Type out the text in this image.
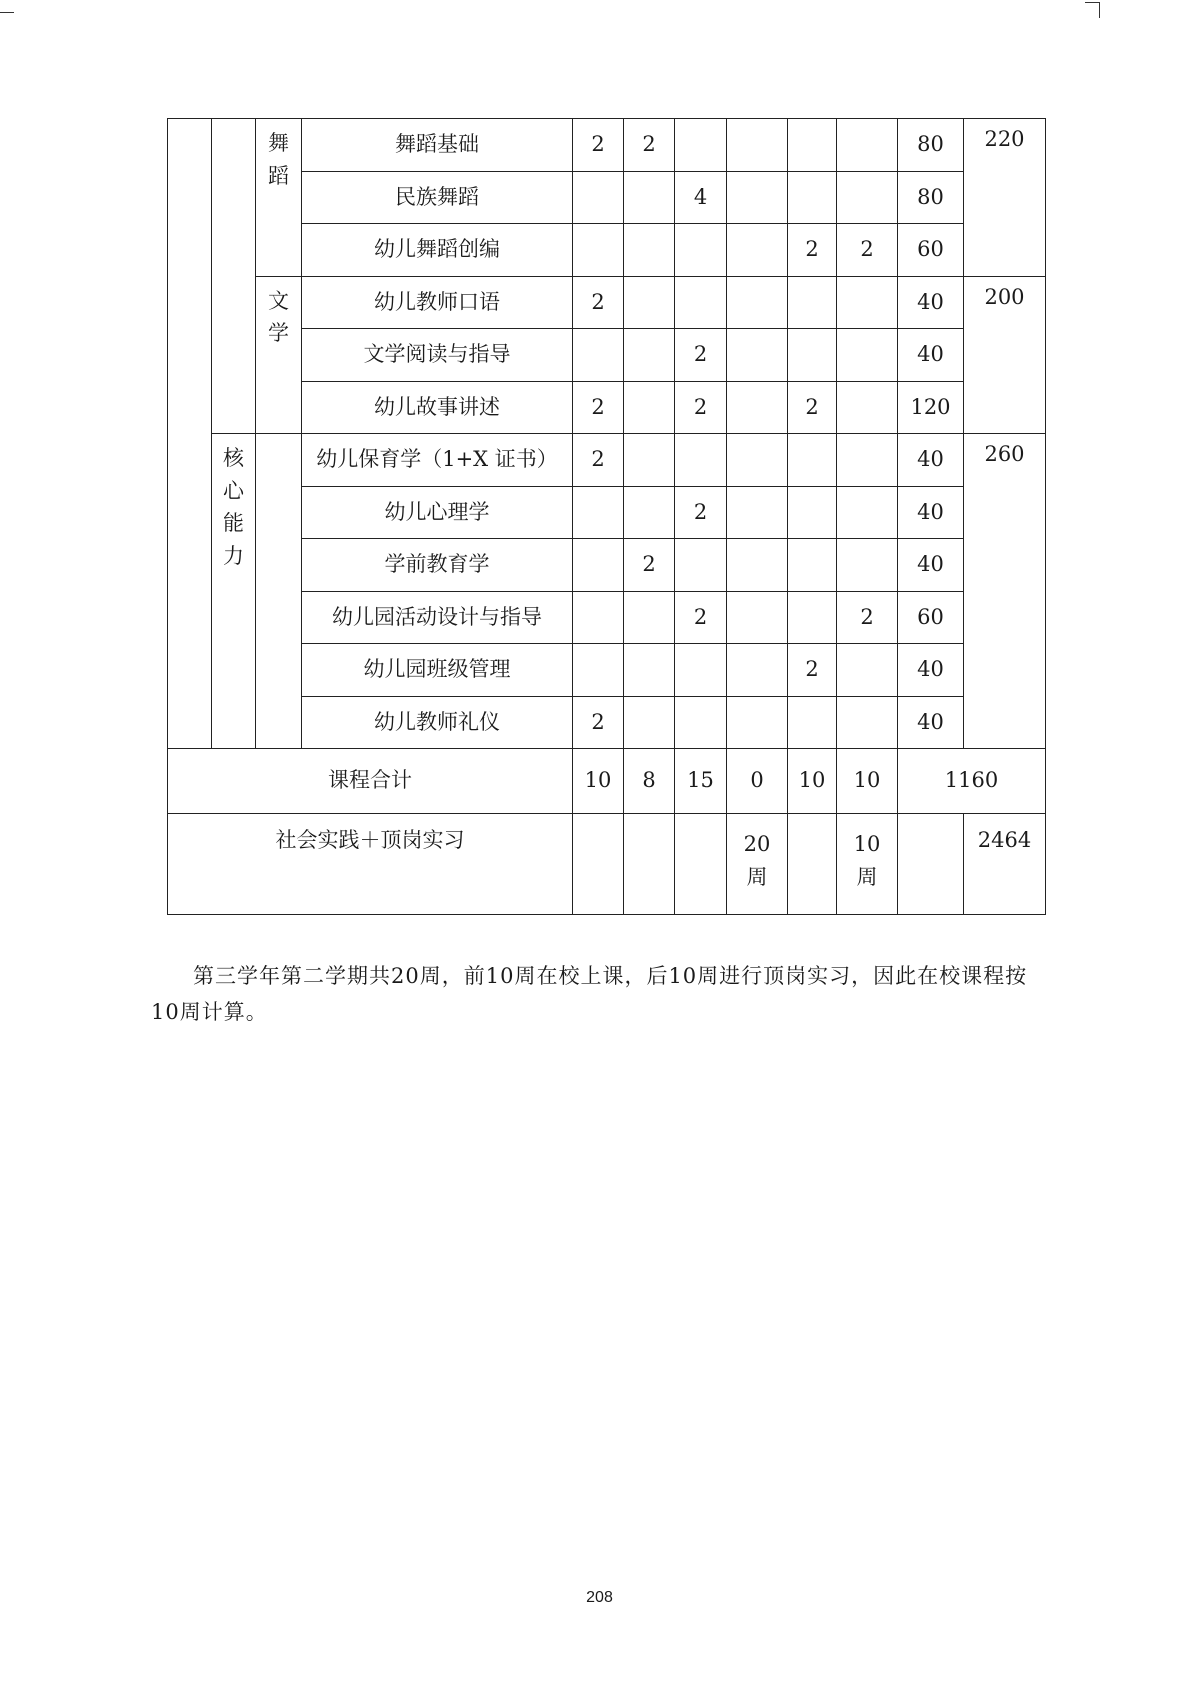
		舞蹈	舞蹈基础	2	2					80	220
			民族舞蹈			4				80	
			幼儿舞蹈创编					2	2	60	
		文学	幼儿教师口语	2						40	200
			文学阅读与指导			2				40	
			幼儿故事讲述	2		2		2		120	
	核心能力		幼儿保育学（1+X 证书）	2						40	260
			幼儿心理学			2				40	
			学前教育学		2					40	
			幼儿园活动设计与指导			2			2	60	
			幼儿园班级管理					2		40	
			幼儿教师礼仪	2						40	
课程合计				10	8	15	0	10	10	1160	
社会实践＋顶岗实习							20周		10周		2464

第三学年第二学期共20周，前10周在校上课，后10周进行顶岗实习，因此在校课程按10周计算。

208
